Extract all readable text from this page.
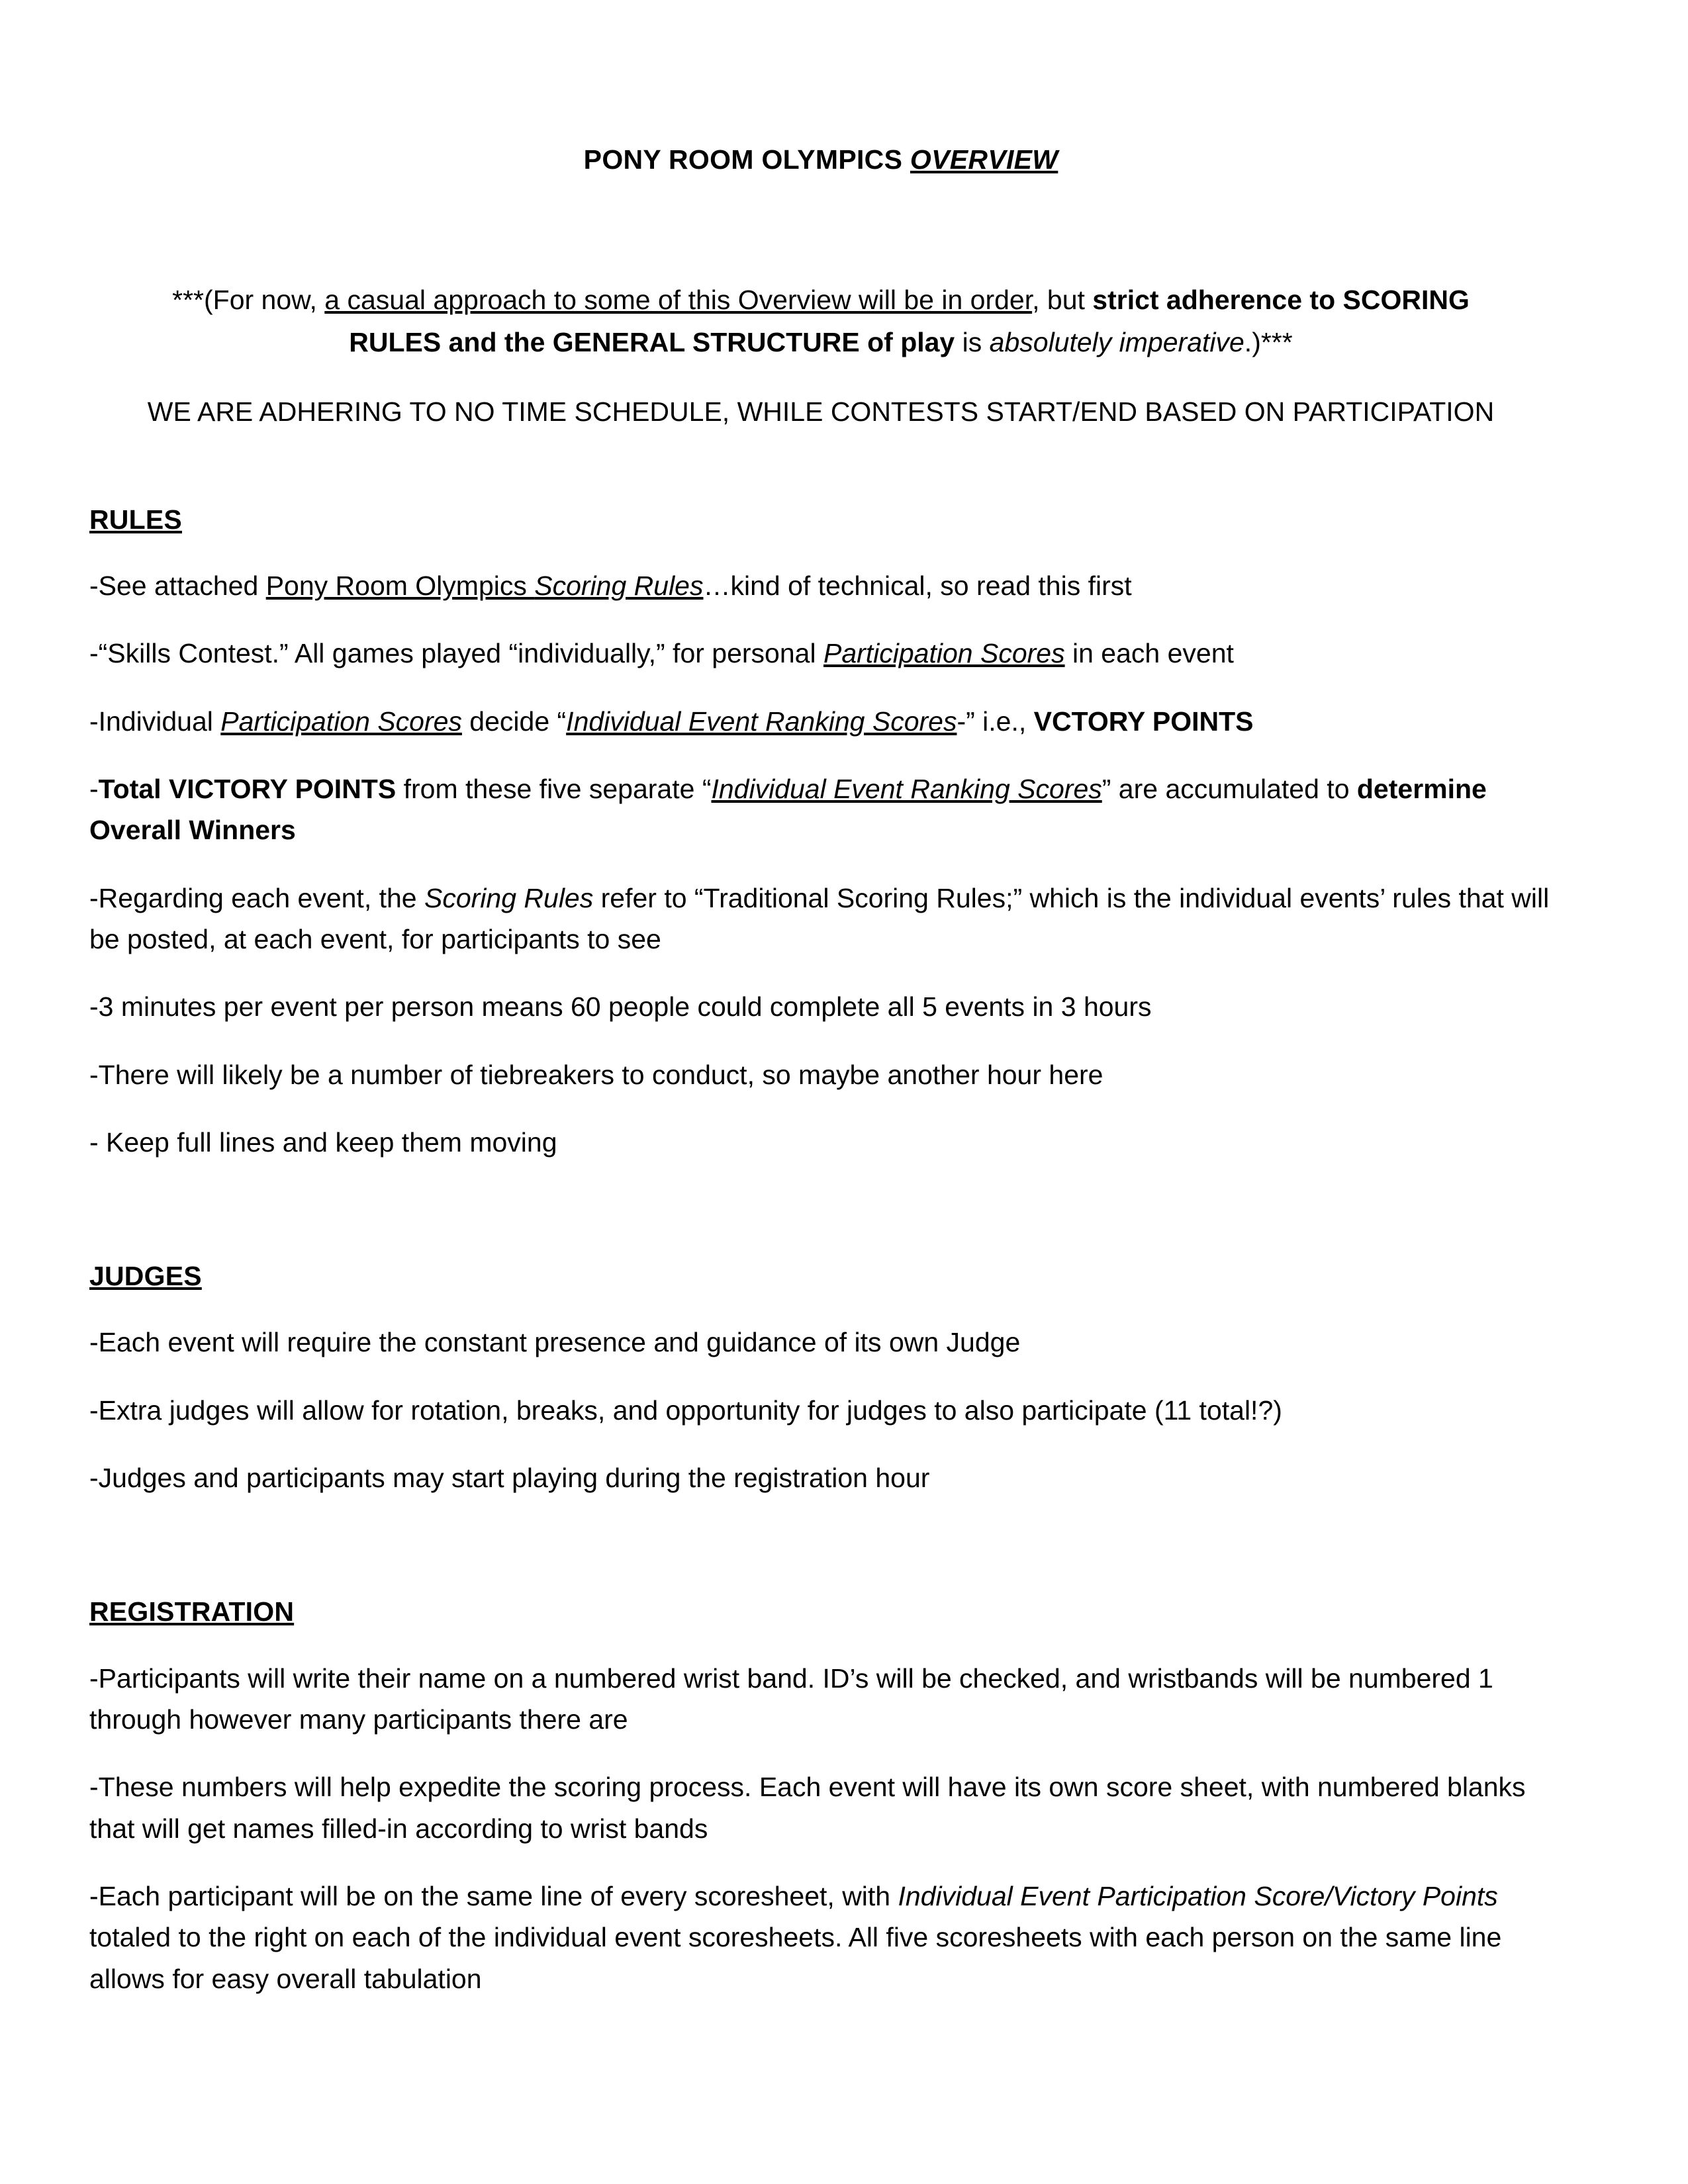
PONY ROOM OLYMPICS OVERVIEW
***(For now, a casual approach to some of this Overview will be in order, but strict adherence to SCORING RULES and the GENERAL STRUCTURE of play is absolutely imperative.)***
WE ARE ADHERING TO NO TIME SCHEDULE, WHILE CONTESTS START/END BASED ON PARTICIPATION
RULES

-See attached Pony Room Olympics Scoring Rules…kind of technical, so read this first

-“Skills Contest.” All games played “individually,” for personal Participation Scores in each event

-Individual Participation Scores decide “Individual Event Ranking Scores-” i.e., VCTORY POINTS

-Total VICTORY POINTS from these five separate “Individual Event Ranking Scores” are accumulated to determine Overall Winners

-Regarding each event, the Scoring Rules refer to “Traditional Scoring Rules;” which is the individual events’ rules that will be posted, at each event, for participants to see

-3 minutes per event per person means 60 people could complete all 5 events in 3 hours

-There will likely be a number of tiebreakers to conduct, so maybe another hour here

- Keep full lines and keep them moving

JUDGES

-Each event will require the constant presence and guidance of its own Judge

-Extra judges will allow for rotation, breaks, and opportunity for judges to also participate (11 total!?)

-Judges and participants may start playing during the registration hour

REGISTRATION

-Participants will write their name on a numbered wrist band. ID’s will be checked, and wristbands will be numbered 1 through however many participants there are

-These numbers will help expedite the scoring process. Each event will have its own score sheet, with numbered blanks that will get names filled-in according to wrist bands

-Each participant will be on the same line of every scoresheet, with Individual Event Participation Score/Victory Points totaled to the right on each of the individual event scoresheets. All five scoresheets with each person on the same line allows for easy overall tabulation
